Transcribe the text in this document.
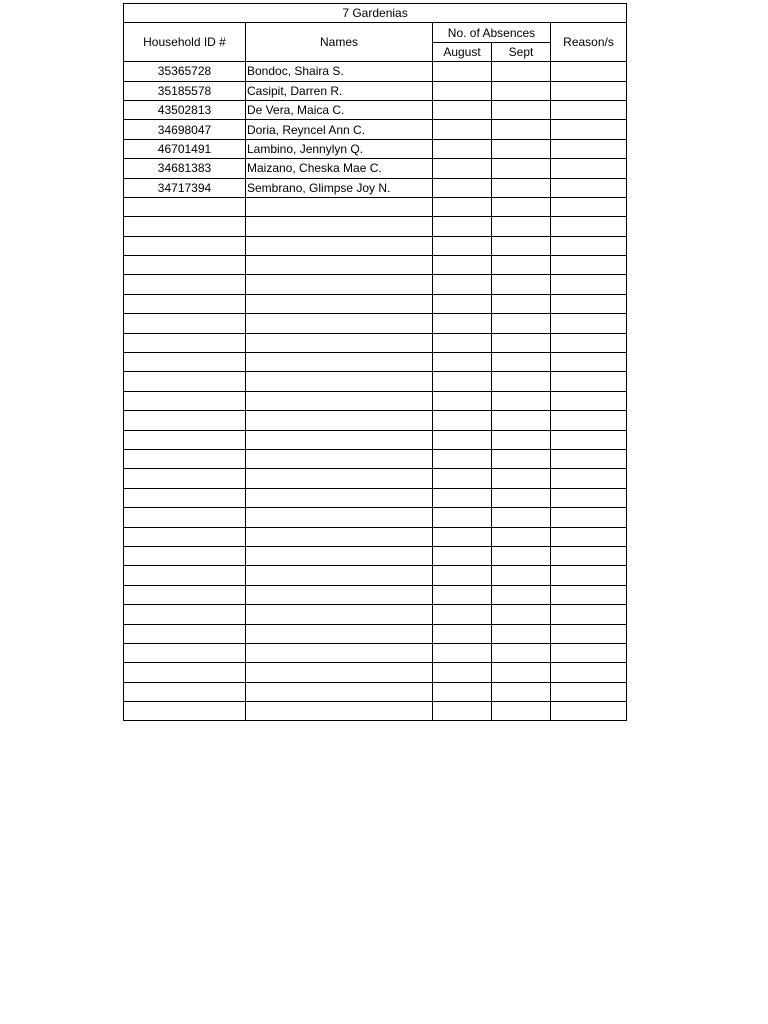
7 Gardenias				
Household ID #	Names	No. of Absences		Reason/s
		August	Sept	
35365728	Bondoc, Shaira S.			
35185578	Casipit, Darren R.			
43502813	De Vera, Maica C.			
34698047	Doria, Reyncel Ann C.			
46701491	Lambino, Jennylyn Q.			
34681383	Maizano, Cheska Mae C.			
34717394	Sembrano, Glimpse Joy N.			
